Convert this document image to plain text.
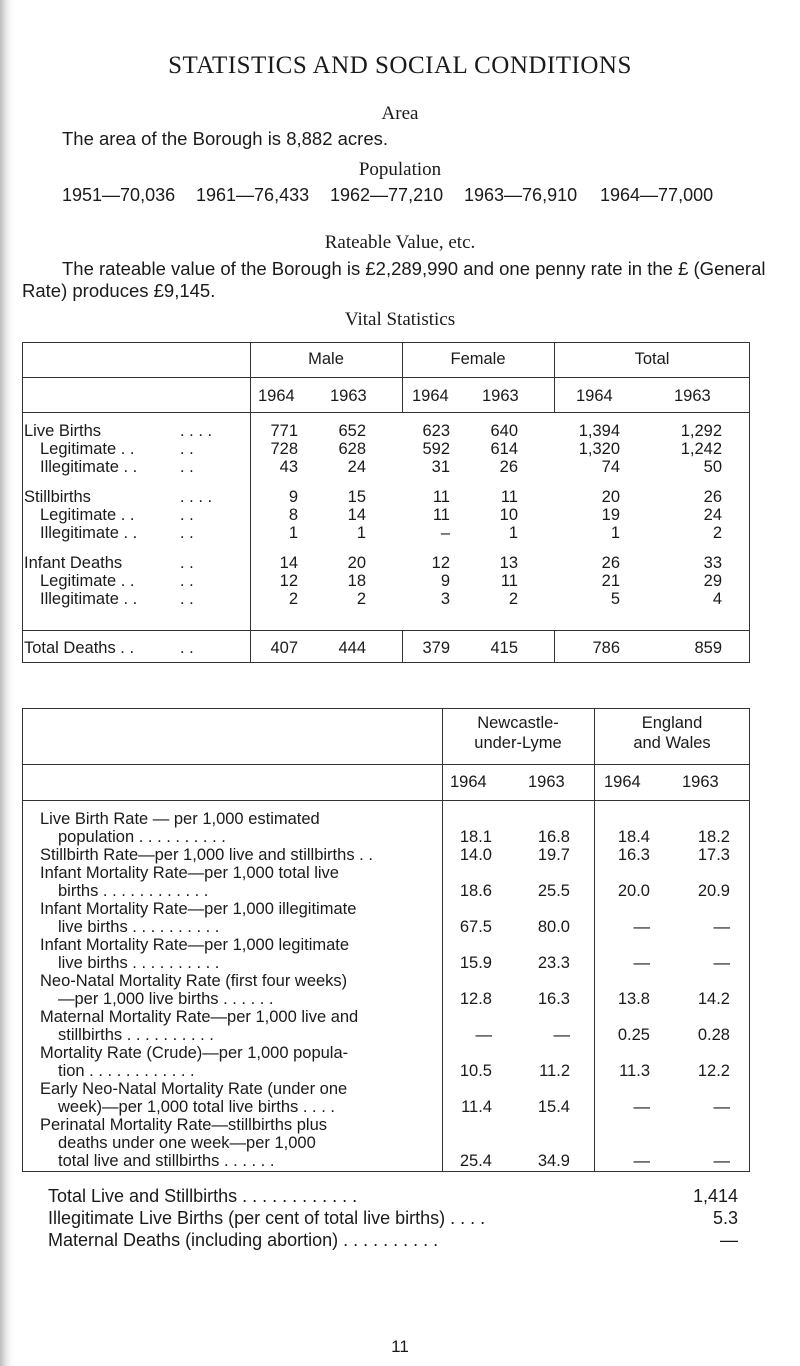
STATISTICS AND SOCIAL CONDITIONS
Area
The area of the Borough is 8,882 acres.
Population
1951—70,036 1961—76,433 1962—77,210 1963—76,910 1964—77,000
Rateable Value, etc.
The rateable value of the Borough is £2,289,990 and one penny rate in the £ (General
Rate) produces £9,145.
Vital Statistics
Male	Female	Total
1964 1963	1964 1963	1964	1963
Live Births	. . . .	771	652	623	640	1,394	1,292
Legitimate . .	. .	728	628	592	614	1,320	1,242
Illegitimate . .	. .	43	24	31	26	74	50
Stillbirths	. . . .	9	15	11	11	20	26
Legitimate . .	. .	8	14	11	10	19	24
Illegitimate . .	. .	1	1	–	1	1	2
Infant Deaths	. .	14	20	12	13	26	33
Legitimate . .	. .	12	18	9	11	21	29
Illegitimate . .	. .	2	2	3	2	5	4
Total Deaths . .	. .	407	444	379	415	786	859
Newcastle-
under-Lyme
England
and Wales
1964	1963 1964	1963
Live Birth Rate — per 1,000 estimated
population . . . . . . . . . .	18.1	16.8	18.4	18.2
Stillbirth Rate—per 1,000 live and stillbirths . .	14.0	19.7	16.3	17.3
Infant Mortality Rate—per 1,000 total live
births . . . . . . . . . . . .	18.6	25.5	20.0	20.9
Infant Mortality Rate—per 1,000 illegitimate
live births . . . . . . . . . .	67.5	80.0	—	—
Infant Mortality Rate—per 1,000 legitimate
live births . . . . . . . . . .	15.9	23.3	—	—
Neo-Natal Mortality Rate (first four weeks)
—per 1,000 live births . . . . . .	12.8	16.3	13.8	14.2
Maternal Mortality Rate—per 1,000 live and
stillbirths . . . . . . . . . .	—	—	0.25	0.28
Mortality Rate (Crude)—per 1,000 popula-
tion . . . . . . . . . . . .	10.5	11.2	11.3	12.2
Early Neo-Natal Mortality Rate (under one
week)—per 1,000 total live births . . . .	11.4	15.4	—	—
Perinatal Mortality Rate—stillbirths plus
deaths under one week—per 1,000
total live and stillbirths . . . . . .	25.4	34.9	—	—
Total Live and Stillbirths . . . . . . . . . . . .	1,414
Illegitimate Live Births (per cent of total live births) . . . .	5.3
Maternal Deaths (including abortion) . . . . . . . . . .	—
11
